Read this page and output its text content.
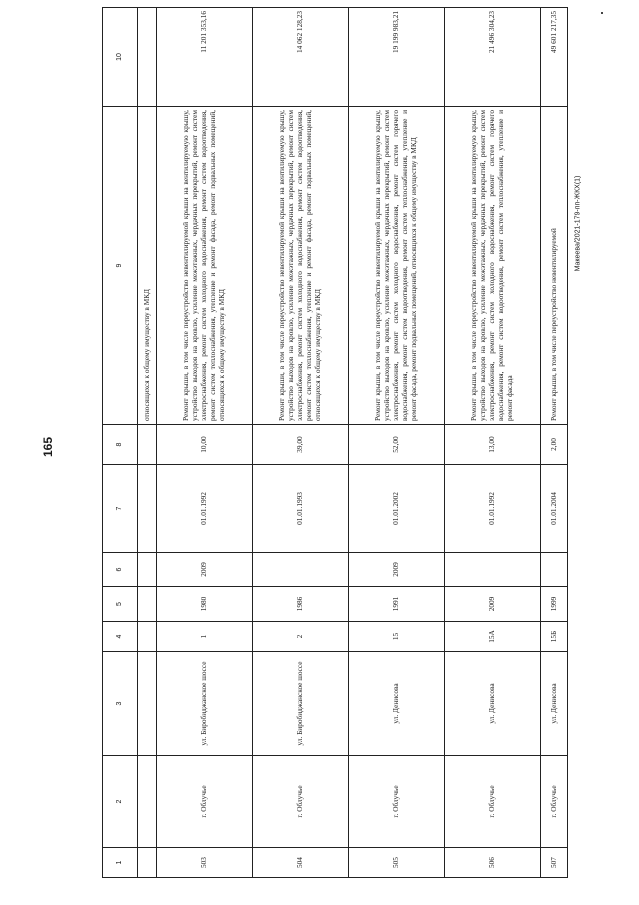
165
Макеева/2021-179-пп-ЖКХ(1)
1	2	3	4	5	6	7	8	9	10
								относящихся к общему имуществу в МКД	
503	г. Облучье	ул. Биробиджанское шоссе	1	1980	2009	01.01.1992	10,00	Ремонт крыши, в том числе переустройство невентилируемой крыши на вентилируемую крышу, устройство выходов на кровлю, усиление межэтажных, чердачных перекрытий, ремонт систем электроснабжения, ремонт систем холодного водоснабжения, ремонт систем водоотведения, ремонт систем теплоснабжения, утепление и ремонт фасада, ремонт подвальных помещений, относящихся к общему имуществу в МКД	11 201 353,16
504	г. Облучье	ул. Биробиджанское шоссе	2	1986		01.01.1993	39,00	Ремонт крыши, в том числе переустройство невентилируемой крыши на вентилируемую крышу, устройство выходов на кровлю, усиление межэтажных, чердачных перекрытий, ремонт систем электроснабжения, ремонт систем холодного водоснабжения, ремонт систем водоотведения, ремонт систем теплоснабжения, утепление и ремонт фасада, ремонт подвальных помещений, относящихся к общему имуществу в МКД	14 062 128,23
505	г. Облучье	ул. Денисова	15	1991	2009	01.01.2002	52,00	Ремонт крыши, в том числе переустройство невентилируемой крыши на вентилируемую крышу, устройство выходов на кровлю, усиление межэтажных, чердачных перекрытий, ремонт систем электроснабжения, ремонт систем холодного водоснабжения, ремонт систем горячего водоснабжения, ремонт систем водоотведения, ремонт систем теплоснабжения, утепление и ремонт фасада, ремонт подвальных помещений, относящихся к общему имуществу в МКД	19 199 983,21
506	г. Облучье	ул. Денисова	15А	2009		01.01.1992	13,00	Ремонт крыши, в том числе переустройство невентилируемой крыши на вентилируемую крышу, устройство выходов на кровлю, усиление межэтажных, чердачных перекрытий, ремонт систем электроснабжения, ремонт систем холодного водоснабжения, ремонт систем горячего водоснабжения, ремонт систем водоотведения, ремонт систем теплоснабжения, утепление и ремонт фасада	21 496 304,23
507	г. Облучье	ул. Денисова	15Б	1999		01.01.2004	2,00	Ремонт крыши, в том числе переустройство невентилируемой	49 601 217,35
